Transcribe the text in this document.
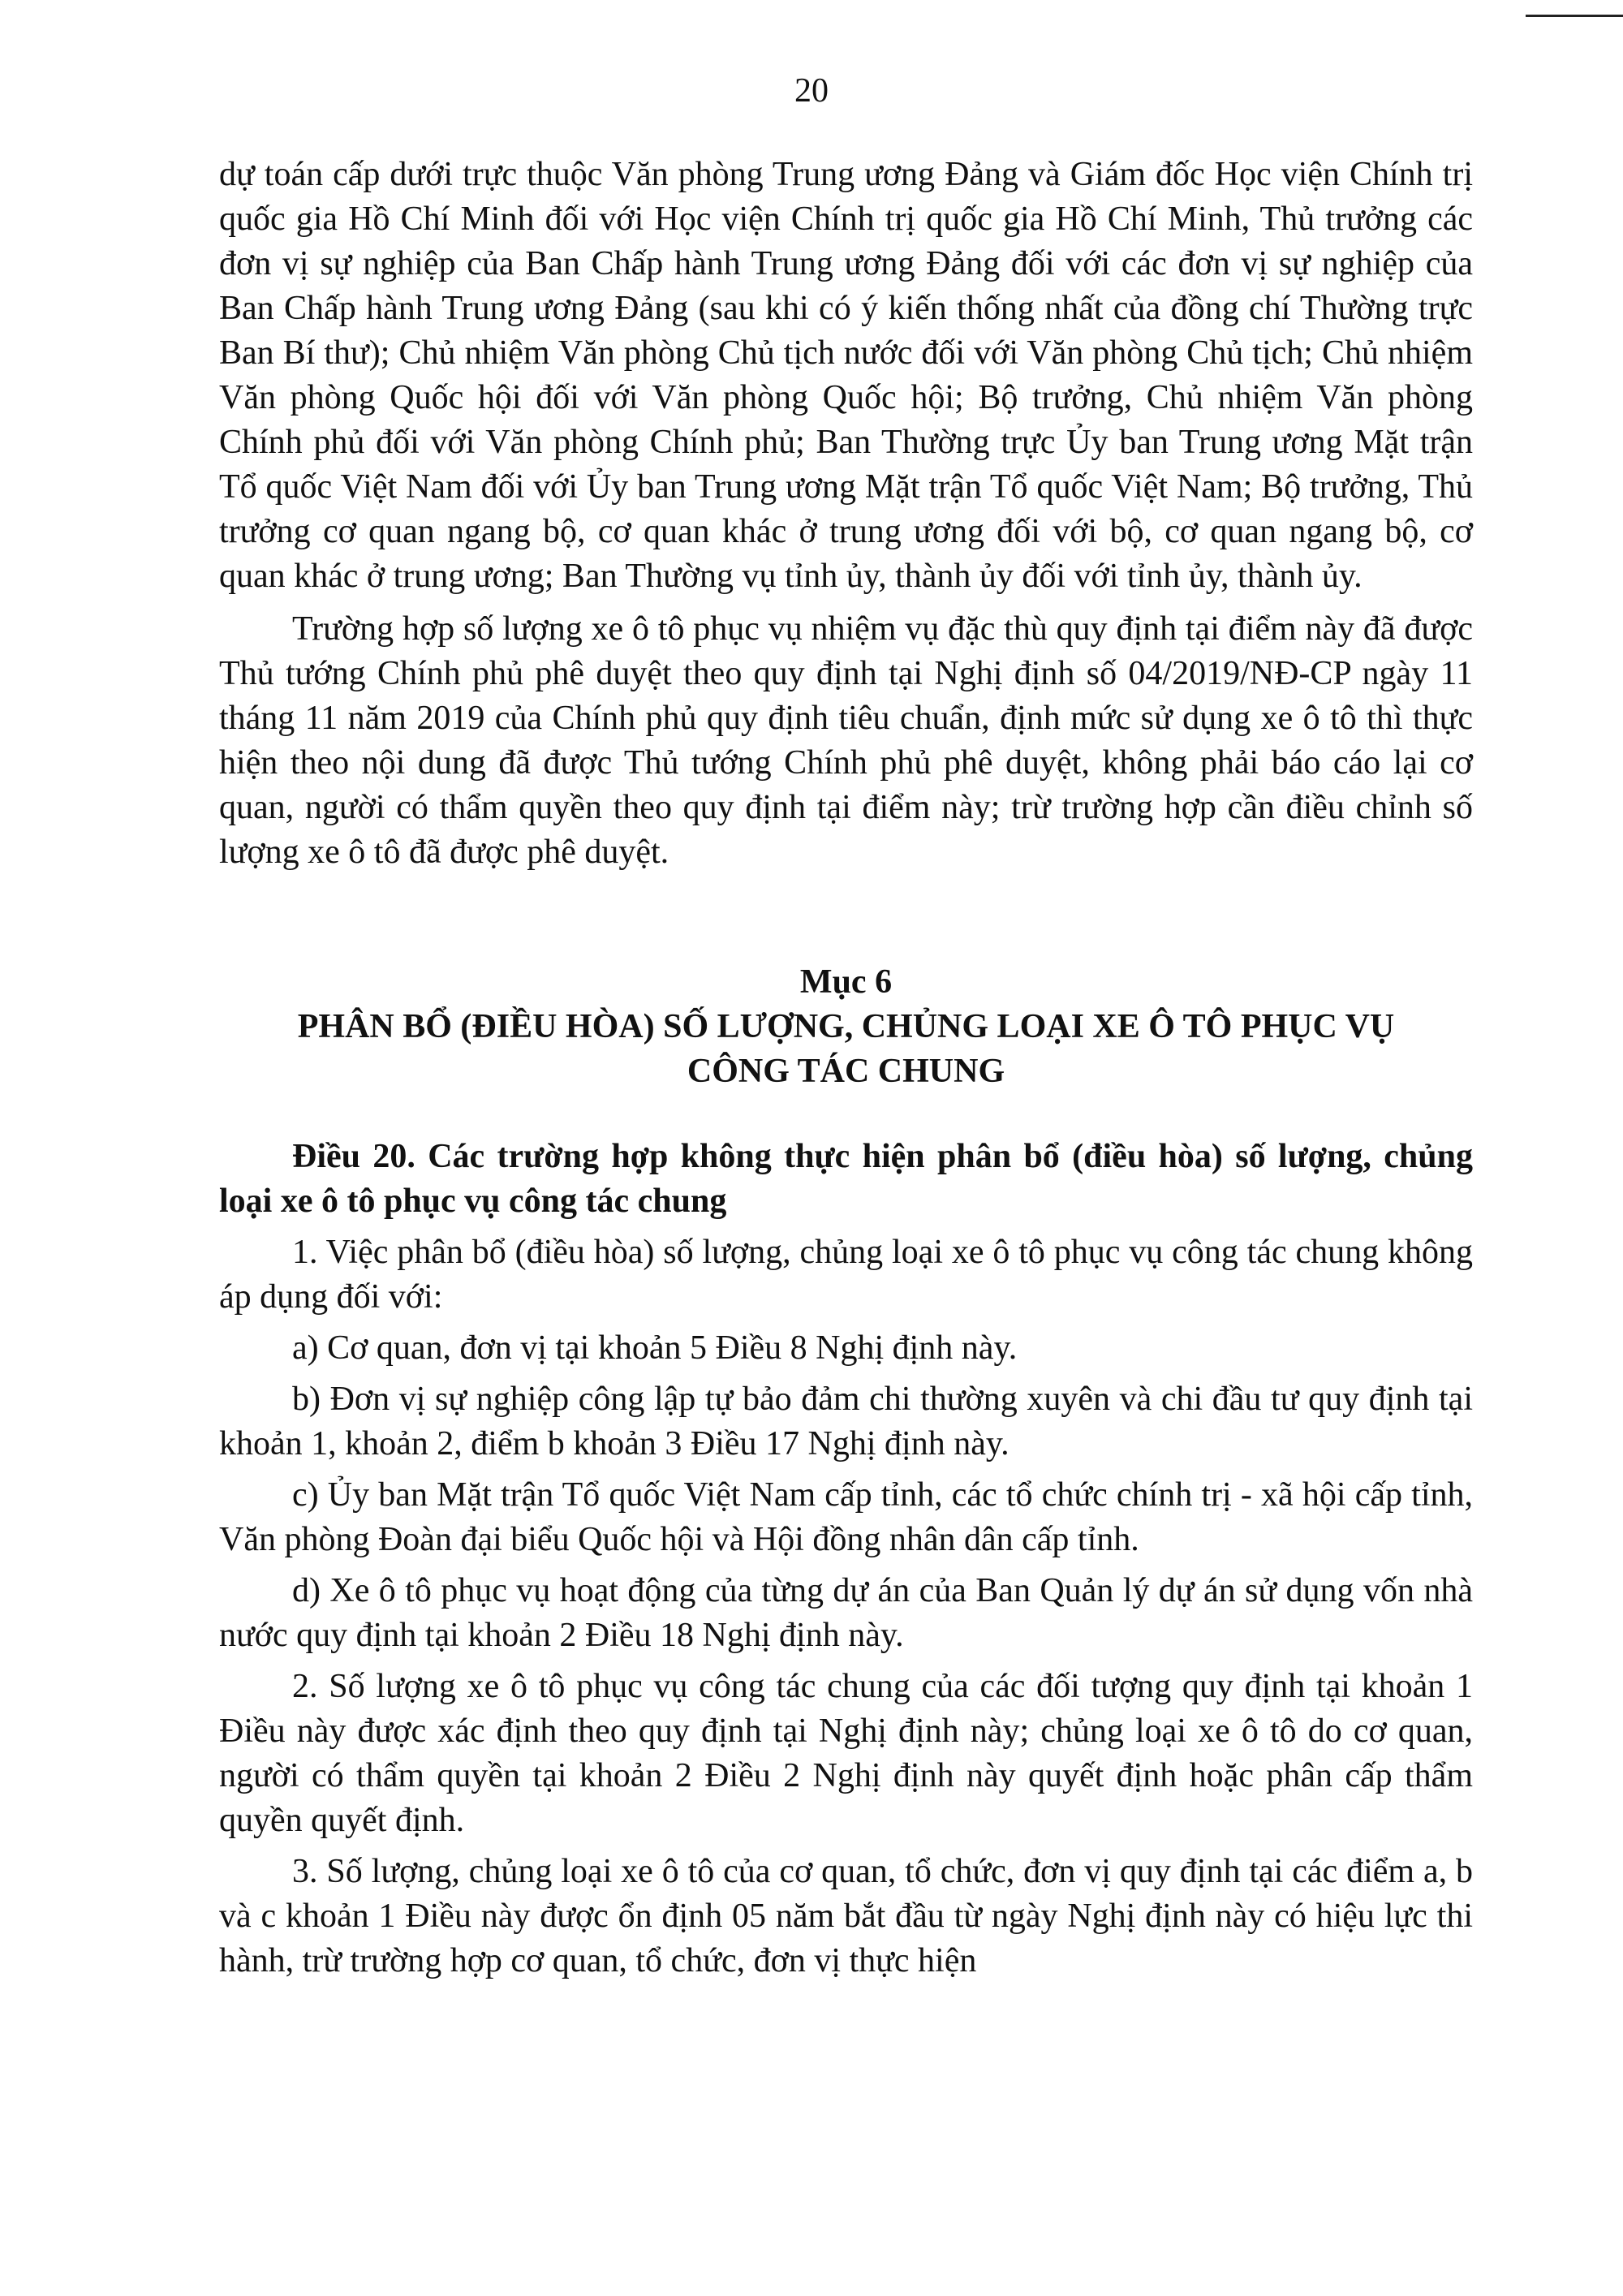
20

dự toán cấp dưới trực thuộc Văn phòng Trung ương Đảng và Giám đốc Học viện Chính trị quốc gia Hồ Chí Minh đối với Học viện Chính trị quốc gia Hồ Chí Minh, Thủ trưởng các đơn vị sự nghiệp của Ban Chấp hành Trung ương Đảng đối với các đơn vị sự nghiệp của Ban Chấp hành Trung ương Đảng (sau khi có ý kiến thống nhất của đồng chí Thường trực Ban Bí thư); Chủ nhiệm Văn phòng Chủ tịch nước đối với Văn phòng Chủ tịch; Chủ nhiệm Văn phòng Quốc hội đối với Văn phòng Quốc hội; Bộ trưởng, Chủ nhiệm Văn phòng Chính phủ đối với Văn phòng Chính phủ; Ban Thường trực Ủy ban Trung ương Mặt trận Tổ quốc Việt Nam đối với Ủy ban Trung ương Mặt trận Tổ quốc Việt Nam; Bộ trưởng, Thủ trưởng cơ quan ngang bộ, cơ quan khác ở trung ương đối với bộ, cơ quan ngang bộ, cơ quan khác ở trung ương; Ban Thường vụ tỉnh ủy, thành ủy đối với tỉnh ủy, thành ủy.

Trường hợp số lượng xe ô tô phục vụ nhiệm vụ đặc thù quy định tại điểm này đã được Thủ tướng Chính phủ phê duyệt theo quy định tại Nghị định số 04/2019/NĐ-CP ngày 11 tháng 11 năm 2019 của Chính phủ quy định tiêu chuẩn, định mức sử dụng xe ô tô thì thực hiện theo nội dung đã được Thủ tướng Chính phủ phê duyệt, không phải báo cáo lại cơ quan, người có thẩm quyền theo quy định tại điểm này; trừ trường hợp cần điều chỉnh số lượng xe ô tô đã được phê duyệt.

Mục 6
PHÂN BỔ (ĐIỀU HÒA) SỐ LƯỢNG, CHỦNG LOẠI XE Ô TÔ PHỤC VỤ CÔNG TÁC CHUNG

Điều 20. Các trường hợp không thực hiện phân bổ (điều hòa) số lượng, chủng loại xe ô tô phục vụ công tác chung

1. Việc phân bổ (điều hòa) số lượng, chủng loại xe ô tô phục vụ công tác chung không áp dụng đối với:

a) Cơ quan, đơn vị tại khoản 5 Điều 8 Nghị định này.

b) Đơn vị sự nghiệp công lập tự bảo đảm chi thường xuyên và chi đầu tư quy định tại khoản 1, khoản 2, điểm b khoản 3 Điều 17 Nghị định này.

c) Ủy ban Mặt trận Tổ quốc Việt Nam cấp tỉnh, các tổ chức chính trị - xã hội cấp tỉnh, Văn phòng Đoàn đại biểu Quốc hội và Hội đồng nhân dân cấp tỉnh.

d) Xe ô tô phục vụ hoạt động của từng dự án của Ban Quản lý dự án sử dụng vốn nhà nước quy định tại khoản 2 Điều 18 Nghị định này.

2. Số lượng xe ô tô phục vụ công tác chung của các đối tượng quy định tại khoản 1 Điều này được xác định theo quy định tại Nghị định này; chủng loại xe ô tô do cơ quan, người có thẩm quyền tại khoản 2 Điều 2 Nghị định này quyết định hoặc phân cấp thẩm quyền quyết định.

3. Số lượng, chủng loại xe ô tô của cơ quan, tổ chức, đơn vị quy định tại các điểm a, b và c khoản 1 Điều này được ổn định 05 năm bắt đầu từ ngày Nghị định này có hiệu lực thi hành, trừ trường hợp cơ quan, tổ chức, đơn vị thực hiện
